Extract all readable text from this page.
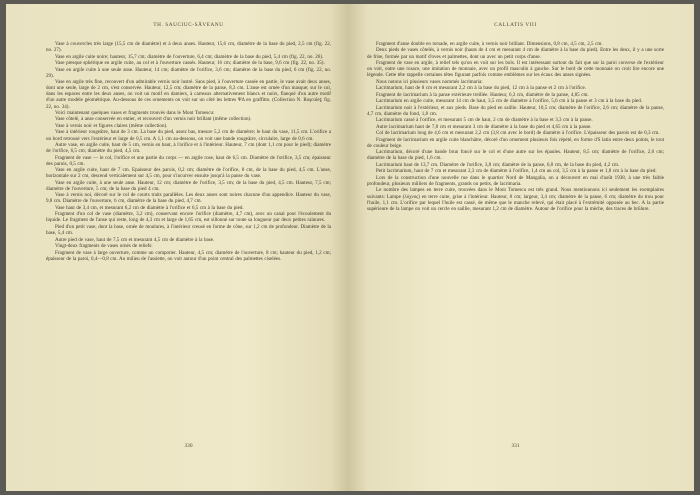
TH. SAUCIUC-SĂVEANU

Vase à couvercles très large (15,5 cm de diamètre) et à deux anses. Hauteur, 15,6 cm, diamètre de la base du pied, 2,5 cm (fig. 22, no. 27).

Vase en argile cuite noire; hauteur, 15,7 cm; diamètre de l'ouverture, 6,4 cm; diamètre de la base du pied, 5,4 cm (fig. 22, no. 26).

Vase presque sphérique en argile cuite, au col et à l'ouverture cassés. Hauteur, 16 cm; diamètre de la base, 9,6 cm (fig. 22, no. 35).

Vase en argile cuite à une seule anse. Hauteur, 14 cm; diamètre de l'orifice, 3,6 cm; diamètre de la base du pied, 6 cm (fig. 22, no. 29).

Vase en argile très fine, recouvert d'un admirable vernis noir lustré. Sans pied, à l'ouverture cassée en partie, le vase avait deux anses, dont une seule, large de 2 cm, s'est conservée. Hauteur, 12,5 cm; diamètre de la panse, 8,3 cm. L'anse est ornée d'un masque; sur le col, dans les espaces entre les deux anses, on voit un motif en damiers, à carreaux alternativement blancs et noirs, flanqué d'un autre motif d'un autre modèle géométrique. Au-dessous de ces ornements on voit sur un côté les lettres ΨΔ en graffitto. (Collection N. Roşculeţ; fig. 22, no. 34).

Voici maintenant quelques vases et fragments trouvés dans le Mont Tomescu:

Vase côtelé, à anse conservée en entier, et recouvert d'un vernis noir brillant (même collection).

Vase à vernis noir et figures claires (même collection).

Vase à intérieur rougeâtre, haut de 3 cm. La base du pied, assez bas, mesure 5,2 cm de diamètre; le haut du vase, 11,5 cm. L'orifice a un bord retrousé vers l'extérieur et large de 0,5 cm. A 1,1 cm au-dessous, on voit une bande rougeâtre, circulaire, large de 0,6 cm.

Autre vase, en argile cuite, haut de 5 cm, vernis en haut, à l'orifice et à l'intérieur. Hauteur, 7 cm (dont 1,1 cm pour le pied); diamètre de l'orifice, 6,5 cm; diamètre du pied, 4,5 cm.

Fragment de vase — le col, l'orifice et une partie du corps — en argile rose, haut de 6,5 cm. Diamètre de l'orifice, 3,5 cm; épaisseur des parois, 0,5 cm.

Vase en argile cuite, haut de 7 cm. Epaisseur des parois, 0,2 cm; diamètre de l'orifice, 8 cm, de la base du pied, 4,5 cm. L'anse, horizontale sur 2 cm, descend verticalement sur 4,5 cm, pour s'incurver ensuite jusqu'à la panse du vase.

Vase en argile cuite, à une seule anse. Hauteur, 12 cm; diamètre de l'orifice, 3,5 cm; de la base du pied, 4,5 cm. Hauteur, 7,5 cm; diamètre de l'ouverture, 5 cm; de la base du pied 4 cm.

Vase à vernis noi, décoré sur le col de courts traits parallèles. Les deux anses sont noires chacune d'un appendice. Hauteur du vase, 9,8 cm. Diamètre de l'ouverture, 6 cm, diamètre de la base du pied, 4,7 cm.

Vase haut de 3,4 cm, et mesurant 6,2 cm de diamètre à l'orifice et 6,5 cm à la base du pied.

Fragment d'un col de vase (diamètre, 3,2 cm), conservant encore l'orifice (diamètre, 4,7 cm), avec un canal pour l'écoulement du liquide. Le fragment de l'anse qui reste, long de 4,3 cm et large de 1,65 cm, est sillonné sur toute sa longueur par deux petites rainures.

Pied d'un petit vase, dont la base, ornée de moulures, à l'intérieur creusé en forme de cône, sur 1,2 cm de profondeur. Diamètre de la base, 5,4 cm.

Autre pied de vase, haut de 7,5 cm et mesurant 4,5 cm de diamètre à la base.

Vingt-deux fragments de vases ornés de reliefs:

Fragment de vase à large ouverture, comme un compotier. Hauteur, 4,5 cm; diamètre de l'ouverture, 8 cm; hauteur du pied, 1,2 cm; épaisseur de la paroi, 0,4—0,8 cm. Au milieu de l'assiette, on voit autour d'un point central des palmettes ciselées.

330
CALLATIS VIII

Fragment d'anse double en torsade, en argile cuite, à vernis noir brillant. Dimensions, 0,8 cm, 4,5 cm, 2,5 cm.

Deux pieds de vases côtelés, à vernis noir (hauts de 4 cm et mesurant 4 cm de diamètre à la base du pied). Entre les deux, il y a une sorte de frise, formée par un motif d'oves et palmettes, dont un avec un petit corps d'anse.

Fragment de vase en argile, à relief tels qu'on en voit sur les bols. Il est intéressant surtout du fait que sur la paroi convexe de l'extérieur on voit, outre une rosace, une imitation de monnaie, avec un profil masculin à gauche. Sur le bord de cette monnaie on croit lire encore une légende. Cette tête rappelle certaines têtes figurant parfois comme emblèmes sur les écaux des anses signées.

Nous notons ici plusieurs vases nommés lacrimaria:

Lacrimarium, haut de 8 cm et mesurant 2,2 cm à la base du pied, 12 cm à la panse et 2 cm à l'orifice.

Fragment de lacrimarium à la panse extérieure treillée. Hauteur, 6,3 cm, diamètre de la panse, 4,85 cm.

Lacrimarium en argile cuite, mesurant 14 cm de haut, 3,5 cm de diamètre à l'orifice, 5,6 cm à la panse et 3 cm à la base du pied.

Lacrimarium noir à l'extérieur, et aux pieds. Base du pied en saillie. Hauteur, 10,5 cm; diamètre de l'orifice, 2,6 cm; diamètre de la panse, 4,7 cm, diamètre du fond, 1,8 cm.

Lacrimarium cassé à l'orifice, et mesurant 5 cm de haut, 2 cm de diamètre à la base et 3,3 cm à la panse.

Autre lacrimarium haut de 7,8 cm et mesurant 3 cm de diamètre à la base du pied et 4,65 cm à la panse.

Col de lacrimarium long de 4,6 cm et mesurant 2,2 cm (3,8 cm avec le bord) de diamètre à l'orifice. L'épaisseur des parois est de 0,3 cm.

Fragment de lacrimarium en argile cuite blanchâtre, décoré d'un ornement plusieurs fois répété, en forme d'S latin entre deux points, le tout de couleur beige.

Lacrimarium, décoré d'une bande brun foncé sur le col et d'une autre sur les épaules. Hauteur, 8,5 cm; diamètre de l'orifice, 2,6 cm; diamètre de la base du pied, 1,6 cm.

Lacrimarium haut de 13,7 cm. Diamètre de l'orifice, 3,8 cm; diamètre de la panse, 6,8 cm, de la base du pied, 4,2 cm.

Petit lacrimarium, haut de 7 cm et mesurant 2,3 cm de diamètre à l'orifice, 1,4 cm au col, 3,5 cm à la panse et 1,8 cm à la base du pied.

Lors de la construction d'une nouvelle rue dans le quartier Nord de Mangalia, on a découvert en mai d'août 1938, à une très faible profondeur, plusieurs milliers de fragments, grands ou petits, de lacrimaria.

Le nombre des lampes en terre cuite, trouvées dans le Mont Tomescu est très grand. Nous mentionnons ici seulement les exemplaires suivants: Lampe (λύχνος) en terre cuite, grise à l'intérieur. Hauteur, 8 cm; largeur, 3,4 cm; diamètre de la panse, 6 cm; diamètre du trou pour l'huile, 1,1 cm. L'orifice par lequel l'huile est cassé, de même que le manche relevé, qui était placé à l'extrémité opposée au bec. A la partie supérieure de la lampe on voit un cercle en saillie, mesurant 1,2 cm de diamètre. Autour de l'orifice pour la mèche, des traces de brûlure.

331
